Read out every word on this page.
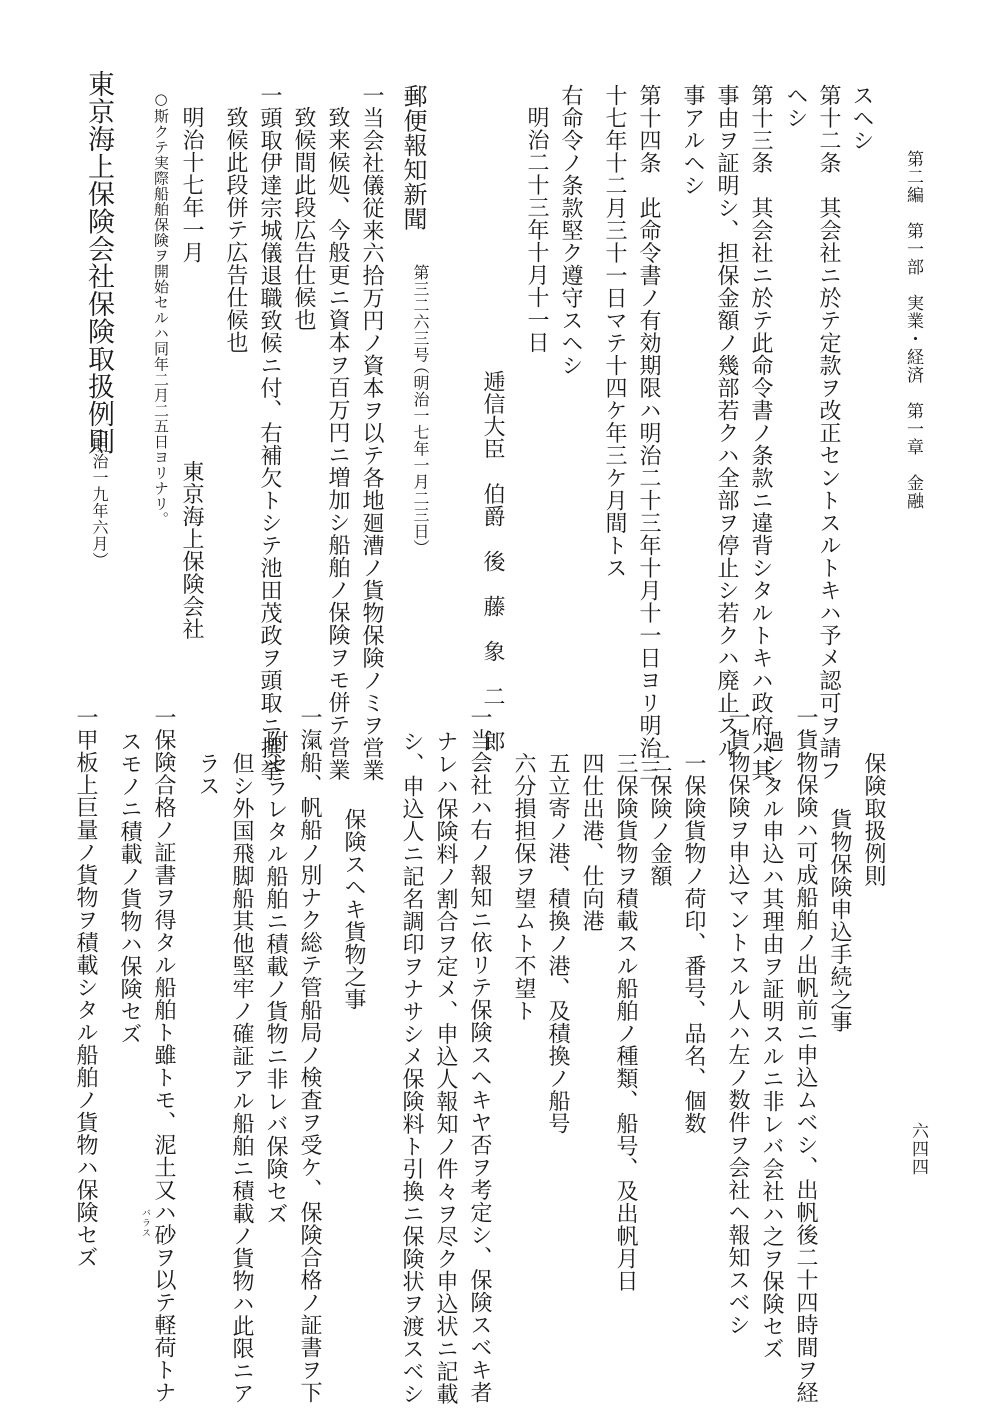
第二編　第一部　実業・経済　第一章　金融
六四四
スヘシ
第十二条　其会社ニ於テ定款ヲ改正セントスルトキハ予メ認可ヲ請フ
ヘシ
第十三条　其会社ニ於テ此命令書ノ条款ニ違背シタルトキハ政府ハ其
事由ヲ証明シ、担保金額ノ幾部若クハ全部ヲ停止シ若クハ廃止スル
事アルヘシ
第十四条　此命令書ノ有効期限ハ明治二十三年十月十一日ヨリ明治三
十七年十二月三十一日マテ十四ケ年三ケ月間トス
右命令ノ条款堅ク遵守スヘシ
明治二十三年十月十一日
逓信大臣　伯爵　後　藤　象　二　郎
郵便報知新聞
第三二六三号
（明治一七年一月二三日）
一当会社儀従来六拾万円ノ資本ヲ以テ各地廻漕ノ貨物保険ノミヲ営業
致来候処、今般更ニ資本ヲ百万円ニ増加シ船舶ノ保険ヲモ併テ営業
致候間此段広告仕候也
一頭取伊達宗城儀退職致候ニ付、右補欠トシテ池田茂政ヲ頭取ニ撰挙
致候此段併テ広告仕候也
明治十七年一月
東京海上保険会社
○斯クテ実際船舶保険ヲ開始セルハ同年二月二五日ヨリナリ。
東京海上保険会社保険取扱例則
（明治一九年六月）
保険取扱例則
貨物保険申込手続之事
一貨物保険ハ可成船舶ノ出帆前ニ申込ムベシ、出帆後二十四時間ヲ経
過シタル申込ハ其理由ヲ証明スルニ非レバ会社ハ之ヲ保険セズ
一貨物保険ヲ申込マントスル人ハ左ノ数件ヲ会社ヘ報知スベシ
一保険貨物ノ荷印、番号、品名、個数
二保険ノ金額
三保険貨物ヲ積載スル船舶ノ種類、船号、及出帆月日
四仕出港、仕向港
五立寄ノ港、積換ノ港、及積換ノ船号
六分損担保ヲ望ムト不望ト
一当会社ハ右ノ報知ニ依リテ保険スヘキヤ否ヲ考定シ、保険スベキ者
ナレハ保険料ノ割合ヲ定メ、申込人報知ノ件々ヲ尽ク申込状ニ記載
シ、申込人ニ記名調印ヲナサシメ保険料ト引換ニ保険状ヲ渡スベシ
保険スヘキ貨物之事
一滊船、帆船ノ別ナク総テ管船局ノ検査ヲ受ケ、保険合格ノ証書ヲ下
附セラレタル船舶ニ積載ノ貨物ニ非レバ保険セズ
但シ外国飛脚船其他堅牢ノ確証アル船舶ニ積載ノ貨物ハ此限ニア
ラス
一保険合格ノ証書ヲ得タル船舶ト雖トモ、泥土又ハ砂ヲ以テ軽荷トナ
バラス
スモノニ積載ノ貨物ハ保険セズ
一甲板上巨量ノ貨物ヲ積載シタル船舶ノ貨物ハ保険セズ
